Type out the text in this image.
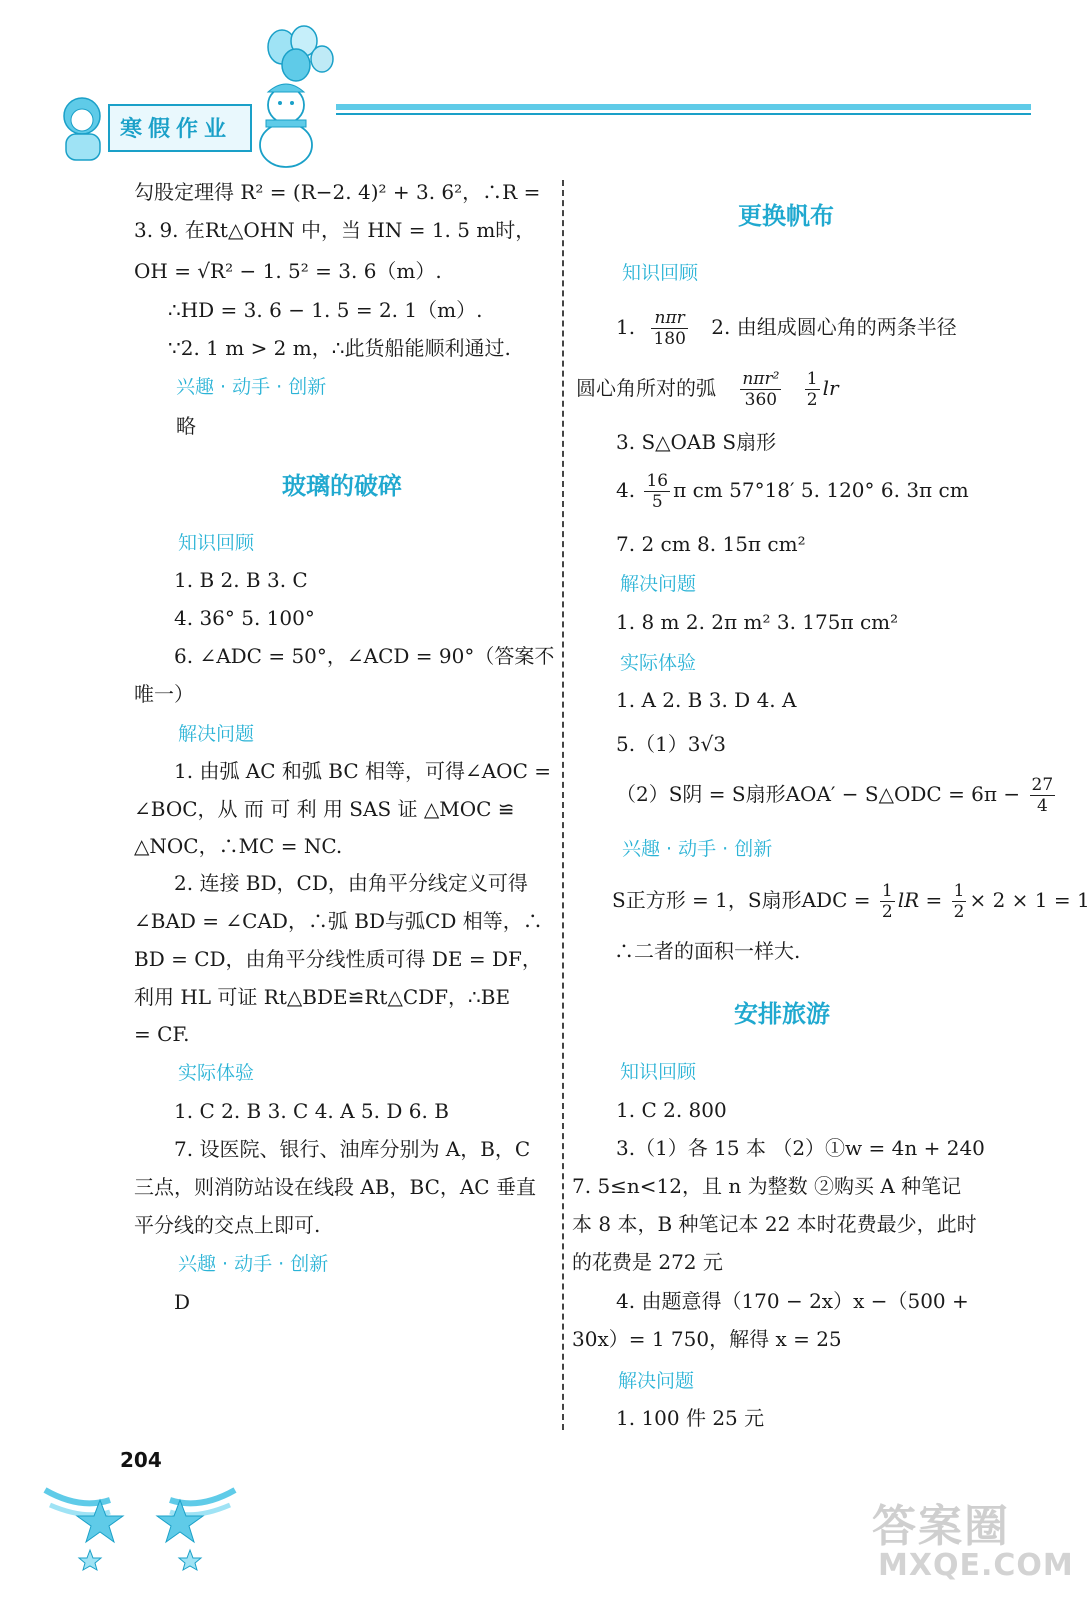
寒假作业
勾股定理得 R² = (R−2. 4)² + 3. 6²，∴R =
3. 9. 在Rt△OHN 中，当 HN = 1. 5 m时，
OH = √R² − 1. 5² = 3. 6（m）.
∴HD = 3. 6 − 1. 5 = 2. 1（m）.
∵2. 1 m > 2 m，∴此货船能顺利通过.
兴趣 · 动手 · 创新
略
玻璃的破碎
知识回顾
1. B 2. B 3. C
4. 36° 5. 100°
6. ∠ADC = 50°，∠ACD = 90°（答案不
唯一）
解决问题
1. 由弧 AC 和弧 BC 相等，可得∠AOC =
∠BOC，从 而 可 利 用 SAS 证 △MOC ≌
△NOC，∴MC = NC.
2. 连接 BD，CD，由角平分线定义可得
∠BAD = ∠CAD，∴弧 BD与弧CD 相等，∴
BD = CD，由角平分线性质可得 DE = DF，
利用 HL 可证 Rt△BDE≌Rt△CDF，∴BE
= CF.
实际体验
1. C 2. B 3. C 4. A 5. D 6. B
7. 设医院、银行、油库分别为 A，B，C
三点，则消防站设在线段 AB，BC，AC 垂直
平分线的交点上即可.
兴趣 · 动手 · 创新
D
更换帆布
知识回顾
1. $\frac{\text{nπr}}{180} 2$. 由组成圆心角的两条半径
圆心角所对的弧 $\frac{\text{nπr²}}{360}$
$\frac{1}{2}$ lr
3. S△OAB S扇形
4. $\frac{16}{5}$ π cm 57°18′ 5. 120° 6. 3π cm
7. 2 cm 8. 15π cm²
解决问题
1. 8 m 2. 2π m² 3. 175π cm²
实际体验
1. A 2. B 3. D 4. A
5.（1）3√3
（2）S阴 = S扇形AOA′ − S△ODC = $6\pi - \frac{27}{4}$
兴趣 · 动手 · 创新
S正方形 = 1，S扇形ADC = $\frac{1}{2}$ lR = $\frac{1}{2} \times 2 \times 1 = 1$
∴二者的面积一样大.
安排旅游
知识回顾
1. C 2. 800
3.（1）各 15 本 （2）①w = 4n + 240
7. 5≤n<12，且 n 为整数 ②购买 A 种笔记
本 8 本，B 种笔记本 22 本时花费最少，此时
的花费是 272 元
4. 由题意得（170 − 2x）x −（500 +
30x）= 1 750，解得 x = 25
解决问题
1. 100 件 25 元
204
答案圈
MXQE.COM
